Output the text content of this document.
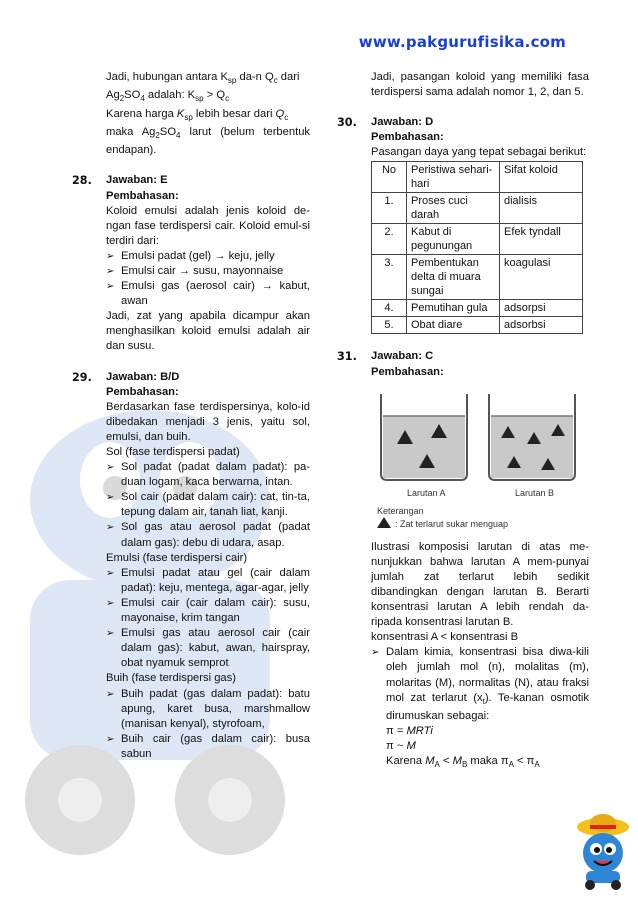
www.pakgurufisika.com

Jadi, hubungan antara $K_{sp}$ da-n $Q_c$ dari

$Ag_2SO_4$ adalah: $K_{sp} > Q_c$

Karena harga $K_{sp}$ lebih besar dari $Q_c$

maka $Ag_2SO_4$ larut (belum terbentuk endapan).

28. Jawaban: E

Pembahasan:

Koloid emulsi adalah jenis koloid de-ngan fase terdispersi cair. Koloid emul-si terdiri dari:

➢ Emulsi padat (gel) → keju, jelly
➢ Emulsi cair → susu, mayonnaise
➢ Emulsi gas (aerosol cair) → kabut, awan

Jadi, zat yang apabila dicampur akan menghasilkan koloid emulsi adalah air dan susu.

29. Jawaban: B/D

Pembahasan:

Berdasarkan fase terdispersinya, kolo-id dibedakan menjadi 3 jenis, yaitu sol, emulsi, dan buih.

Sol (fase terdispersi padat)

➢ Sol padat (padat dalam padat): pa-duan logam, kaca berwarna, intan.
➢ Sol cair (padat dalam cair): cat, tin-ta, tepung dalam air, tanah liat, kanji.
➢ Sol gas atau aerosol padat (padat dalam gas): debu di udara, asap.

Emulsi (fase terdispersi cair)

➢ Emulsi padat atau gel (cair dalam padat): keju, mentega, agar-agar, jelly
➢ Emulsi cair (cair dalam cair): susu, mayonaise, krim tangan
➢ Emulsi gas atau aerosol cair (cair dalam gas): kabut, awan, hairspray, obat nyamuk semprot

Buih (fase terdispersi gas)

➢ Buih padat (gas dalam padat): batu apung, karet busa, marshmallow (manisan kenyal), styrofoam,
➢ Buih cair (gas dalam cair): busa sabun

Jadi, pasangan koloid yang memiliki fasa terdispersi sama adalah nomor 1, 2, dan 5.

30. Jawaban: D

Pembahasan:

Pasangan daya yang tepat sebagai berikut:

No	Peristiwa sehari-hari	Sifat koloid
1.	Proses cuci darah	dialisis
2.	Kabut di pegunungan	Efek tyndall
3.	Pembentukan delta di muara sungai	koagulasi
4.	Pemutihan gula	adsorpsi
5.	Obat diare	adsorbsi
31. Jawaban: C

Pembahasan:

Larutan A	Larutan B
Keterangan
: Zat terlarut sukar menguap

Ilustrasi komposisi larutan di atas me-nunjukkan bahwa larutan A mem-punyai jumlah zat terlarut lebih sedikit dibandingkan dengan larutan B. Berarti konsentrasi larutan A lebih rendah da-ripada konsentrasi larutan B.

konsentrasi A < konsentrasi B

➢ Dalam kimia, konsentrasi bisa diwa-kili oleh jumlah mol (n), molalitas (m), molaritas (M), normalitas (N), atau fraksi mol zat terlarut $(x_t)$. Te-kanan osmotik dirumuskan sebagai:
π = MRTi
π ~ M
Karena $M_A < M_B$ maka $\pi_A < \pi_A$
